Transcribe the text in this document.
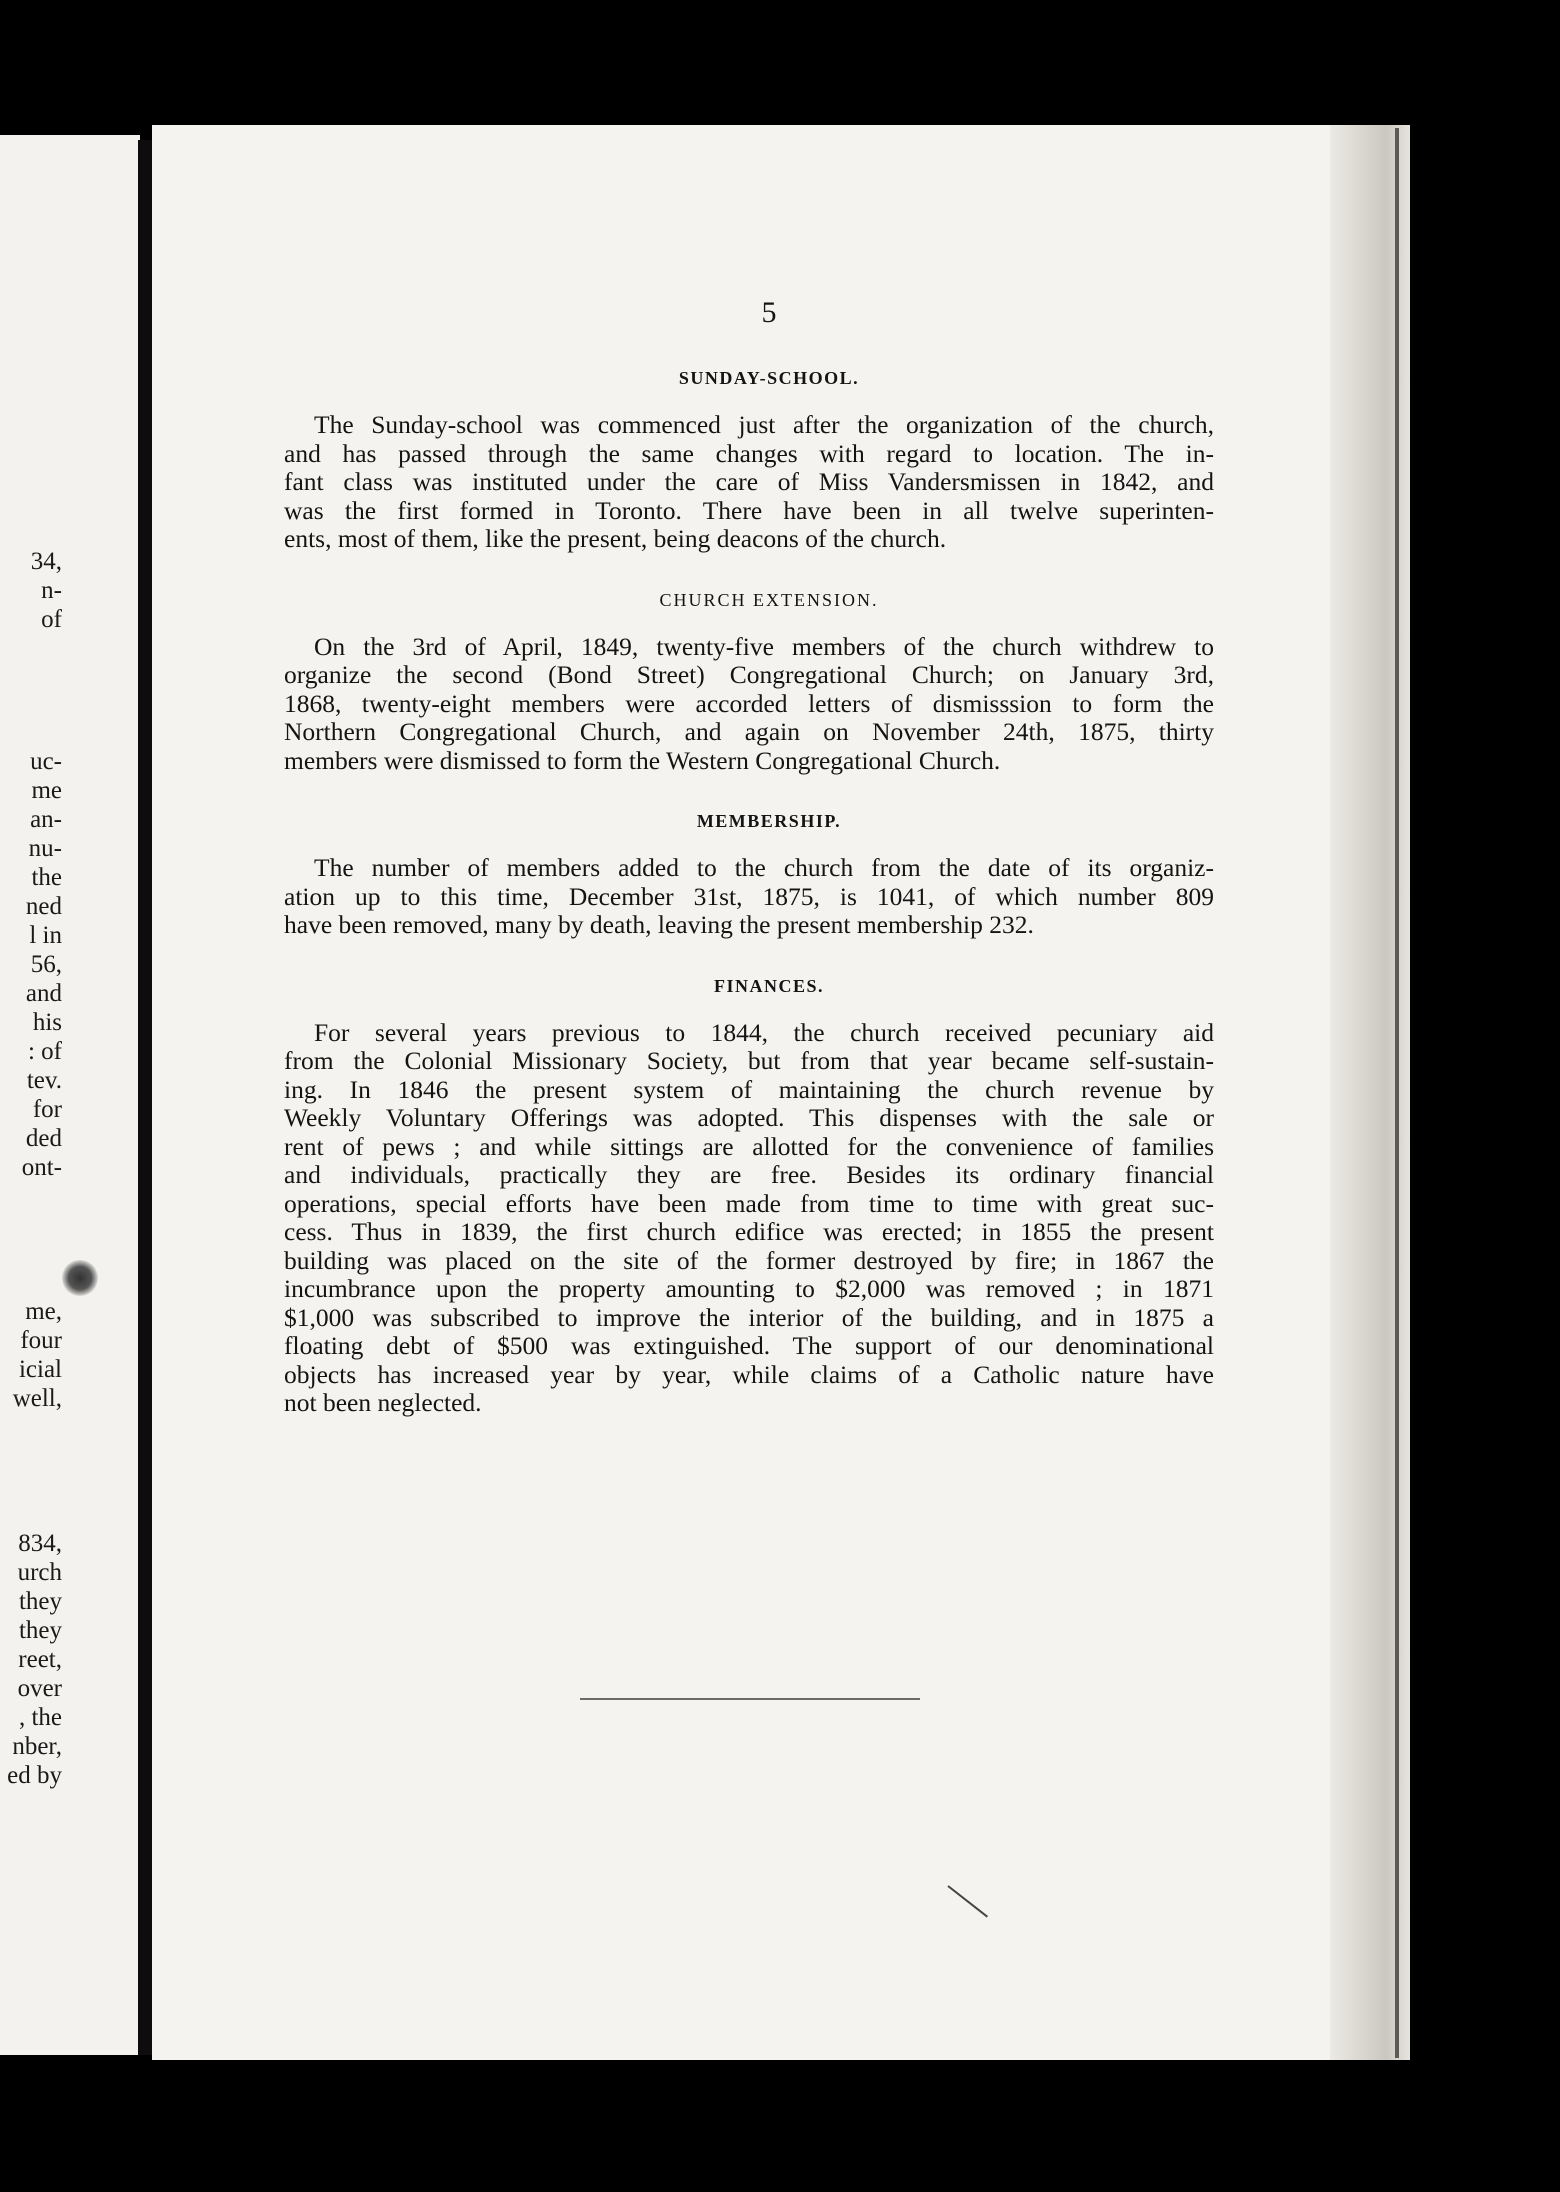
34,
n-
of
uc-
me
an-
nu-
the
ned
l in
56,
and
his
: of
tev.
for
ded
ont-
me,
four
icial
well,
834,
urch
they
they
reet,
over
, the
nber,
ed by
5
SUNDAY-SCHOOL.
The Sunday-school was commenced just after the organization of the church,
and has passed through the same changes with regard to location. The in-
fant class was instituted under the care of Miss Vandersmissen in 1842, and
was the first formed in Toronto. There have been in all twelve superinten-
ents, most of them, like the present, being deacons of the church.
CHURCH EXTENSION.
On the 3rd of April, 1849, twenty-five members of the church withdrew to
organize the second (Bond Street) Congregational Church; on January 3rd,
1868, twenty-eight members were accorded letters of dismisssion to form the
Northern Congregational Church, and again on November 24th, 1875, thirty
members were dismissed to form the Western Congregational Church.
MEMBERSHIP.
The number of members added to the church from the date of its organiz-
ation up to this time, December 31st, 1875, is 1041, of which number 809
have been removed, many by death, leaving the present membership 232.
FINANCES.
For several years previous to 1844, the church received pecuniary aid
from the Colonial Missionary Society, but from that year became self-sustain-
ing. In 1846 the present system of maintaining the church revenue by
Weekly Voluntary Offerings was adopted. This dispenses with the sale or
rent of pews ; and while sittings are allotted for the convenience of families
and individuals, practically they are free. Besides its ordinary financial
operations, special efforts have been made from time to time with great suc-
cess. Thus in 1839, the first church edifice was erected; in 1855 the present
building was placed on the site of the former destroyed by fire; in 1867 the
incumbrance upon the property amounting to $2,000 was removed ; in 1871
$1,000 was subscribed to improve the interior of the building, and in 1875 a
floating debt of $500 was extinguished. The support of our denominational
objects has increased year by year, while claims of a Catholic nature have
not been neglected.
